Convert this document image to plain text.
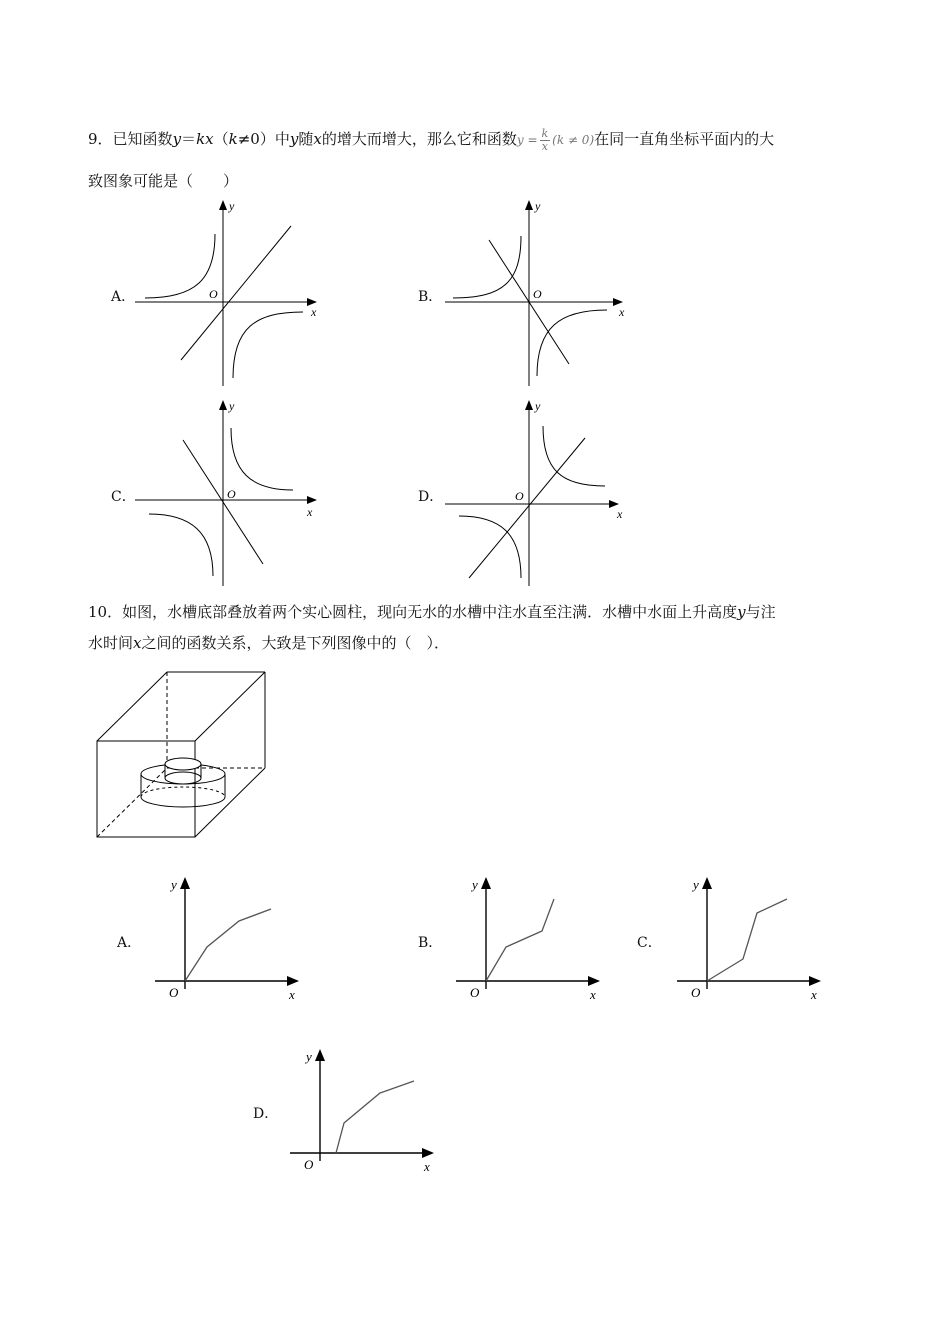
9．已知函数y＝kx（k≠0）中y随x的增大而增大，那么它和函数$y = \frac{k}{x} (k \ne 0)$在同一直角坐标平面内的大
致图象可能是（　　）
A．	B．
C．	D．
x
y
O
x
y
O
x
y
O
x
y
O
10．如图，水槽底部叠放着两个实心圆柱，现向无水的水槽中注水直至注满．水槽中水面上升高度y与注
水时间x之间的函数关系，大致是下列图像中的（　）．
A．	B．	C．
D．
x
y
O	x
y
O	x
y
O
x
y
O
